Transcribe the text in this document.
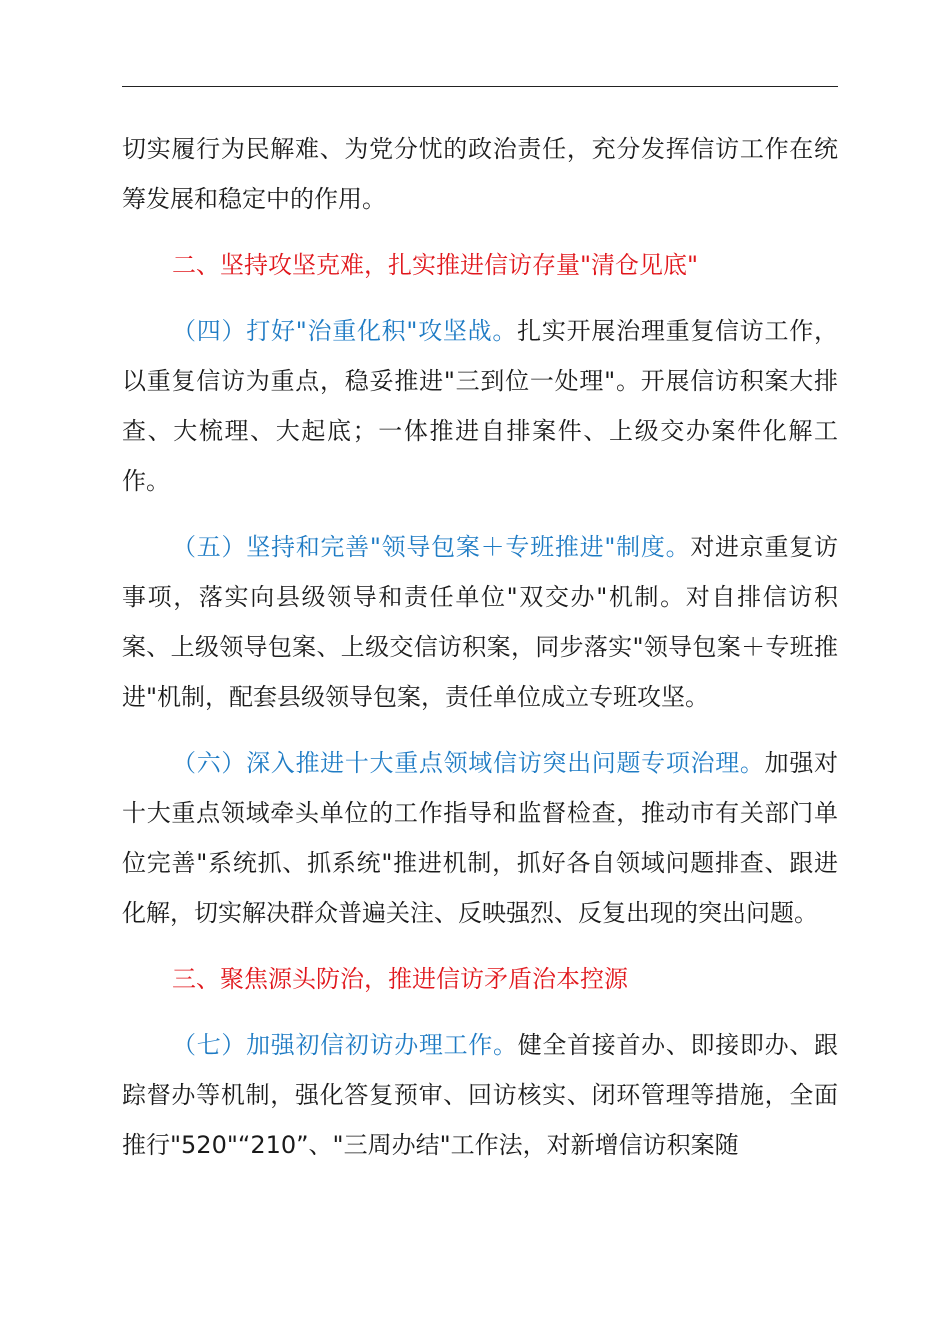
切实履行为民解难、为党分忧的政治责任，充分发挥信访工作在统筹发展和稳定中的作用。

二、坚持攻坚克难，扎实推进信访存量"清仓见底"

（四）打好"治重化积"攻坚战。扎实开展治理重复信访工作，以重复信访为重点，稳妥推进"三到位一处理"。开展信访积案大排查、大梳理、大起底；一体推进自排案件、上级交办案件化解工作。

（五）坚持和完善"领导包案＋专班推进"制度。对进京重复访事项，落实向县级领导和责任单位"双交办"机制。对自排信访积案、上级领导包案、上级交信访积案，同步落实"领导包案＋专班推进"机制，配套县级领导包案，责任单位成立专班攻坚。

（六）深入推进十大重点领域信访突出问题专项治理。加强对十大重点领域牵头单位的工作指导和监督检查，推动市有关部门单位完善"系统抓、抓系统"推进机制，抓好各自领域问题排查、跟进化解，切实解决群众普遍关注、反映强烈、反复出现的突出问题。

三、聚焦源头防治，推进信访矛盾治本控源

（七）加强初信初访办理工作。健全首接首办、即接即办、跟踪督办等机制，强化答复预审、回访核实、闭环管理等措施，全面推行"520"“210”、"三周办结"工作法，对新增信访积案随
